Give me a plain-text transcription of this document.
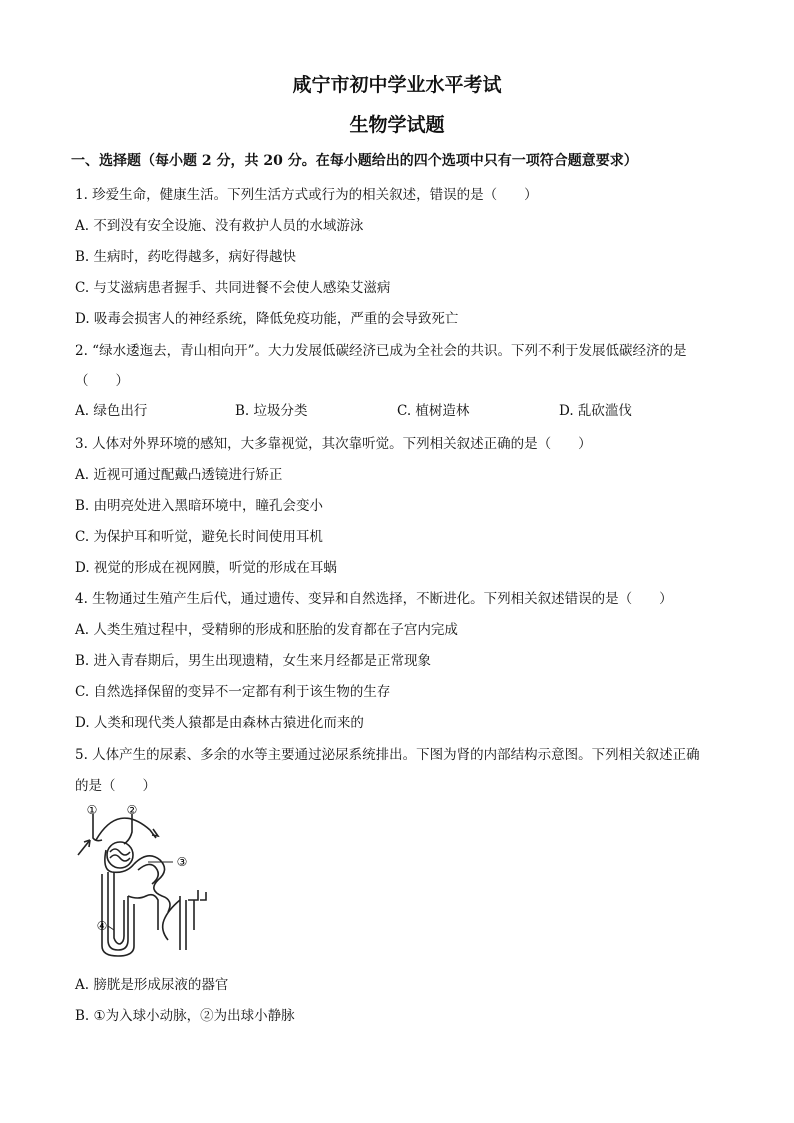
咸宁市初中学业水平考试
生物学试题
一、选择题（每小题 2 分，共 20 分。在每小题给出的四个选项中只有一项符合题意要求）
1. 珍爱生命，健康生活。下列生活方式或行为的相关叙述，错误的是（　　）
A. 不到没有安全设施、没有救护人员的水域游泳
B. 生病时，药吃得越多，病好得越快
C. 与艾滋病患者握手、共同进餐不会使人感染艾滋病
D. 吸毒会损害人的神经系统，降低免疫功能，严重的会导致死亡
2. “绿水逶迤去，青山相向开”。大力发展低碳经济已成为全社会的共识。下列不利于发展低碳经济的是
（　　）
A. 绿色出行	B. 垃圾分类	C. 植树造林	D. 乱砍滥伐
3. 人体对外界环境的感知，大多靠视觉，其次靠听觉。下列相关叙述正确的是（　　）
A. 近视可通过配戴凸透镜进行矫正
B. 由明亮处进入黑暗环境中，瞳孔会变小
C. 为保护耳和听觉，避免长时间使用耳机
D. 视觉的形成在视网膜，听觉的形成在耳蜗
4. 生物通过生殖产生后代，通过遗传、变异和自然选择，不断进化。下列相关叙述错误的是（　　）
A. 人类生殖过程中，受精卵的形成和胚胎的发育都在子宫内完成
B. 进入青春期后，男生出现遗精，女生来月经都是正常现象
C. 自然选择保留的变异不一定都有利于该生物的生存
D. 人类和现代类人猿都是由森林古猿进化而来的
5. 人体产生的尿素、多余的水等主要通过泌尿系统排出。下图为肾的内部结构示意图。下列相关叙述正确
的是（　　）
① ②
③
④
A. 膀胱是形成尿液的器官
B. ①为入球小动脉，②为出球小静脉
